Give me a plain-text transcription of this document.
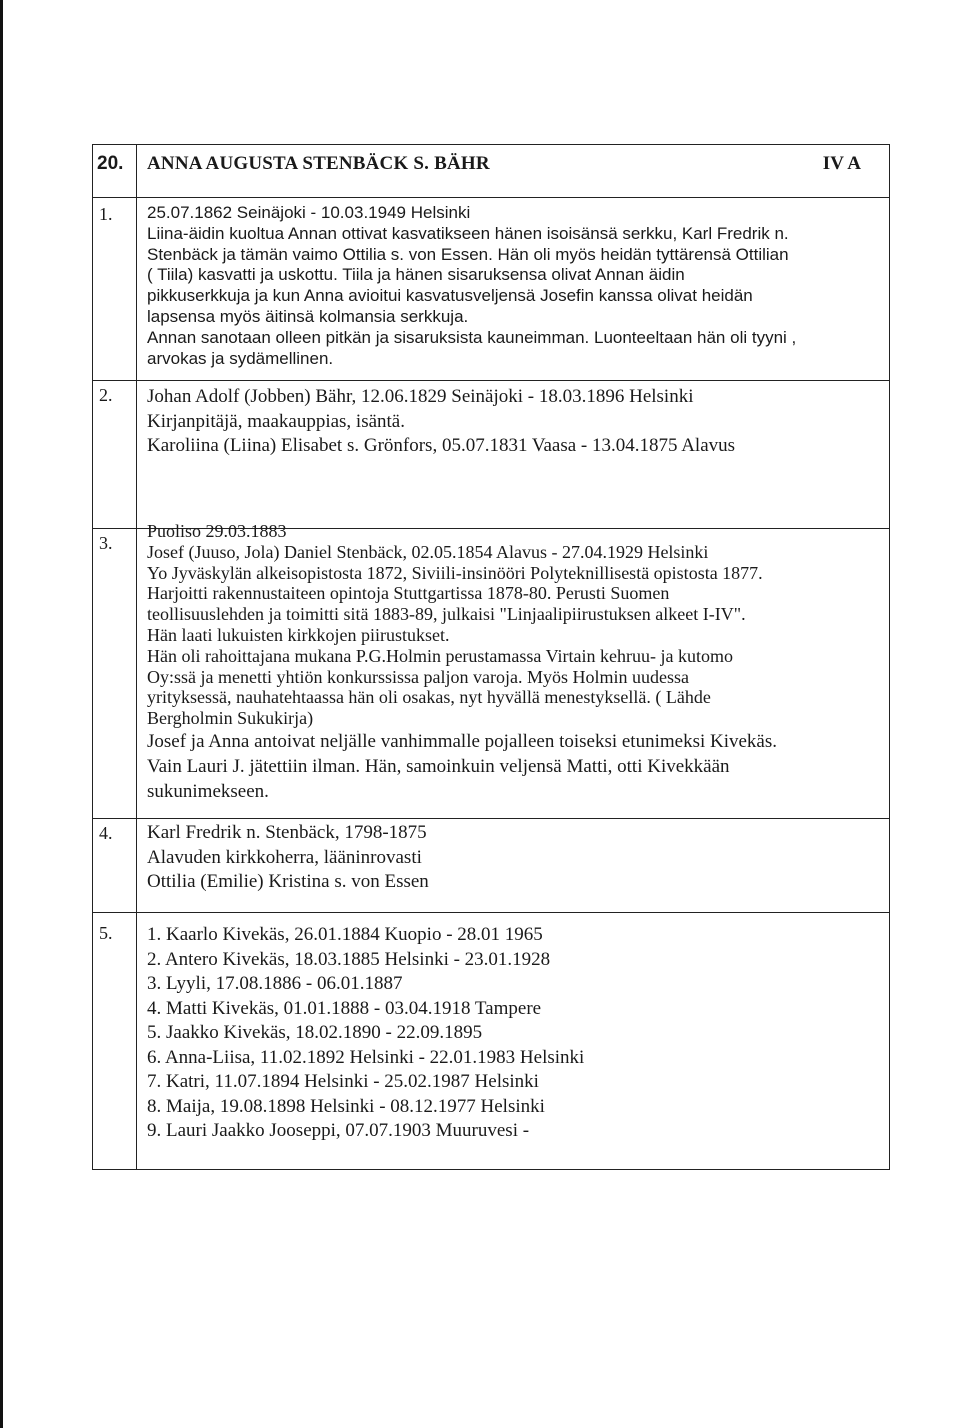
20. ANNA AUGUSTA STENBÄCK S. BÄHR	IV A
1. 25.07.1862 Seinäjoki - 10.03.1949 Helsinki
Liina-äidin kuoltua Annan ottivat kasvatikseen hänen isoisänsä serkku, Karl Fredrik n.
Stenbäck ja tämän vaimo Ottilia s. von Essen. Hän oli myös heidän tyttärensä Ottilian
( Tiila) kasvatti ja uskottu. Tiila ja hänen sisaruksensa olivat Annan äidin
pikkuserkkuja ja kun Anna avioitui kasvatusveljensä Josefin kanssa olivat heidän
lapsensa myös äitinsä kolmansia serkkuja.
Annan sanotaan olleen pitkän ja sisaruksista kauneimman. Luonteeltaan hän oli tyyni ,
arvokas ja sydämellinen.
2. Johan Adolf (Jobben) Bähr, 12.06.1829 Seinäjoki - 18.03.1896 Helsinki
Kirjanpitäjä, maakauppias, isäntä.
Karoliina (Liina) Elisabet s. Grönfors, 05.07.1831 Vaasa - 13.04.1875 Alavus
3.
Puoliso 29.03.1883
Josef (Juuso, Jola) Daniel Stenbäck, 02.05.1854 Alavus - 27.04.1929 Helsinki
Yo Jyväskylän alkeisopistosta 1872, Siviili-insinööri Polyteknillisestä opistosta 1877.
Harjoitti rakennustaiteen opintoja Stuttgartissa 1878-80. Perusti Suomen
teollisuuslehden ja toimitti sitä 1883-89, julkaisi "Linjaalipiirustuksen alkeet I-IV".
Hän laati lukuisten kirkkojen piirustukset.
Hän oli rahoittajana mukana P.G.Holmin perustamassa Virtain kehruu- ja kutomo
Oy:ssä ja menetti yhtiön konkurssissa paljon varoja. Myös Holmin uudessa
yrityksessä, nauhatehtaassa hän oli osakas, nyt hyvällä menestyksellä. ( Lähde
Bergholmin Sukukirja)
Josef ja Anna antoivat neljälle vanhimmalle pojalleen toiseksi etunimeksi Kivekäs.
Vain Lauri J. jätettiin ilman. Hän, samoinkuin veljensä Matti, otti Kivekkään
sukunimekseen.
4. Karl Fredrik n. Stenbäck, 1798-1875
Alavuden kirkkoherra, lääninrovasti
Ottilia (Emilie) Kristina s. von Essen
5. 1. Kaarlo Kivekäs, 26.01.1884 Kuopio - 28.01 1965
2. Antero Kivekäs, 18.03.1885 Helsinki - 23.01.1928
3. Lyyli, 17.08.1886 - 06.01.1887
4. Matti Kivekäs, 01.01.1888 - 03.04.1918 Tampere
5. Jaakko Kivekäs, 18.02.1890 - 22.09.1895
6. Anna-Liisa, 11.02.1892 Helsinki - 22.01.1983 Helsinki
7. Katri, 11.07.1894 Helsinki - 25.02.1987 Helsinki
8. Maija, 19.08.1898 Helsinki - 08.12.1977 Helsinki
9. Lauri Jaakko Jooseppi, 07.07.1903 Muuruvesi -
